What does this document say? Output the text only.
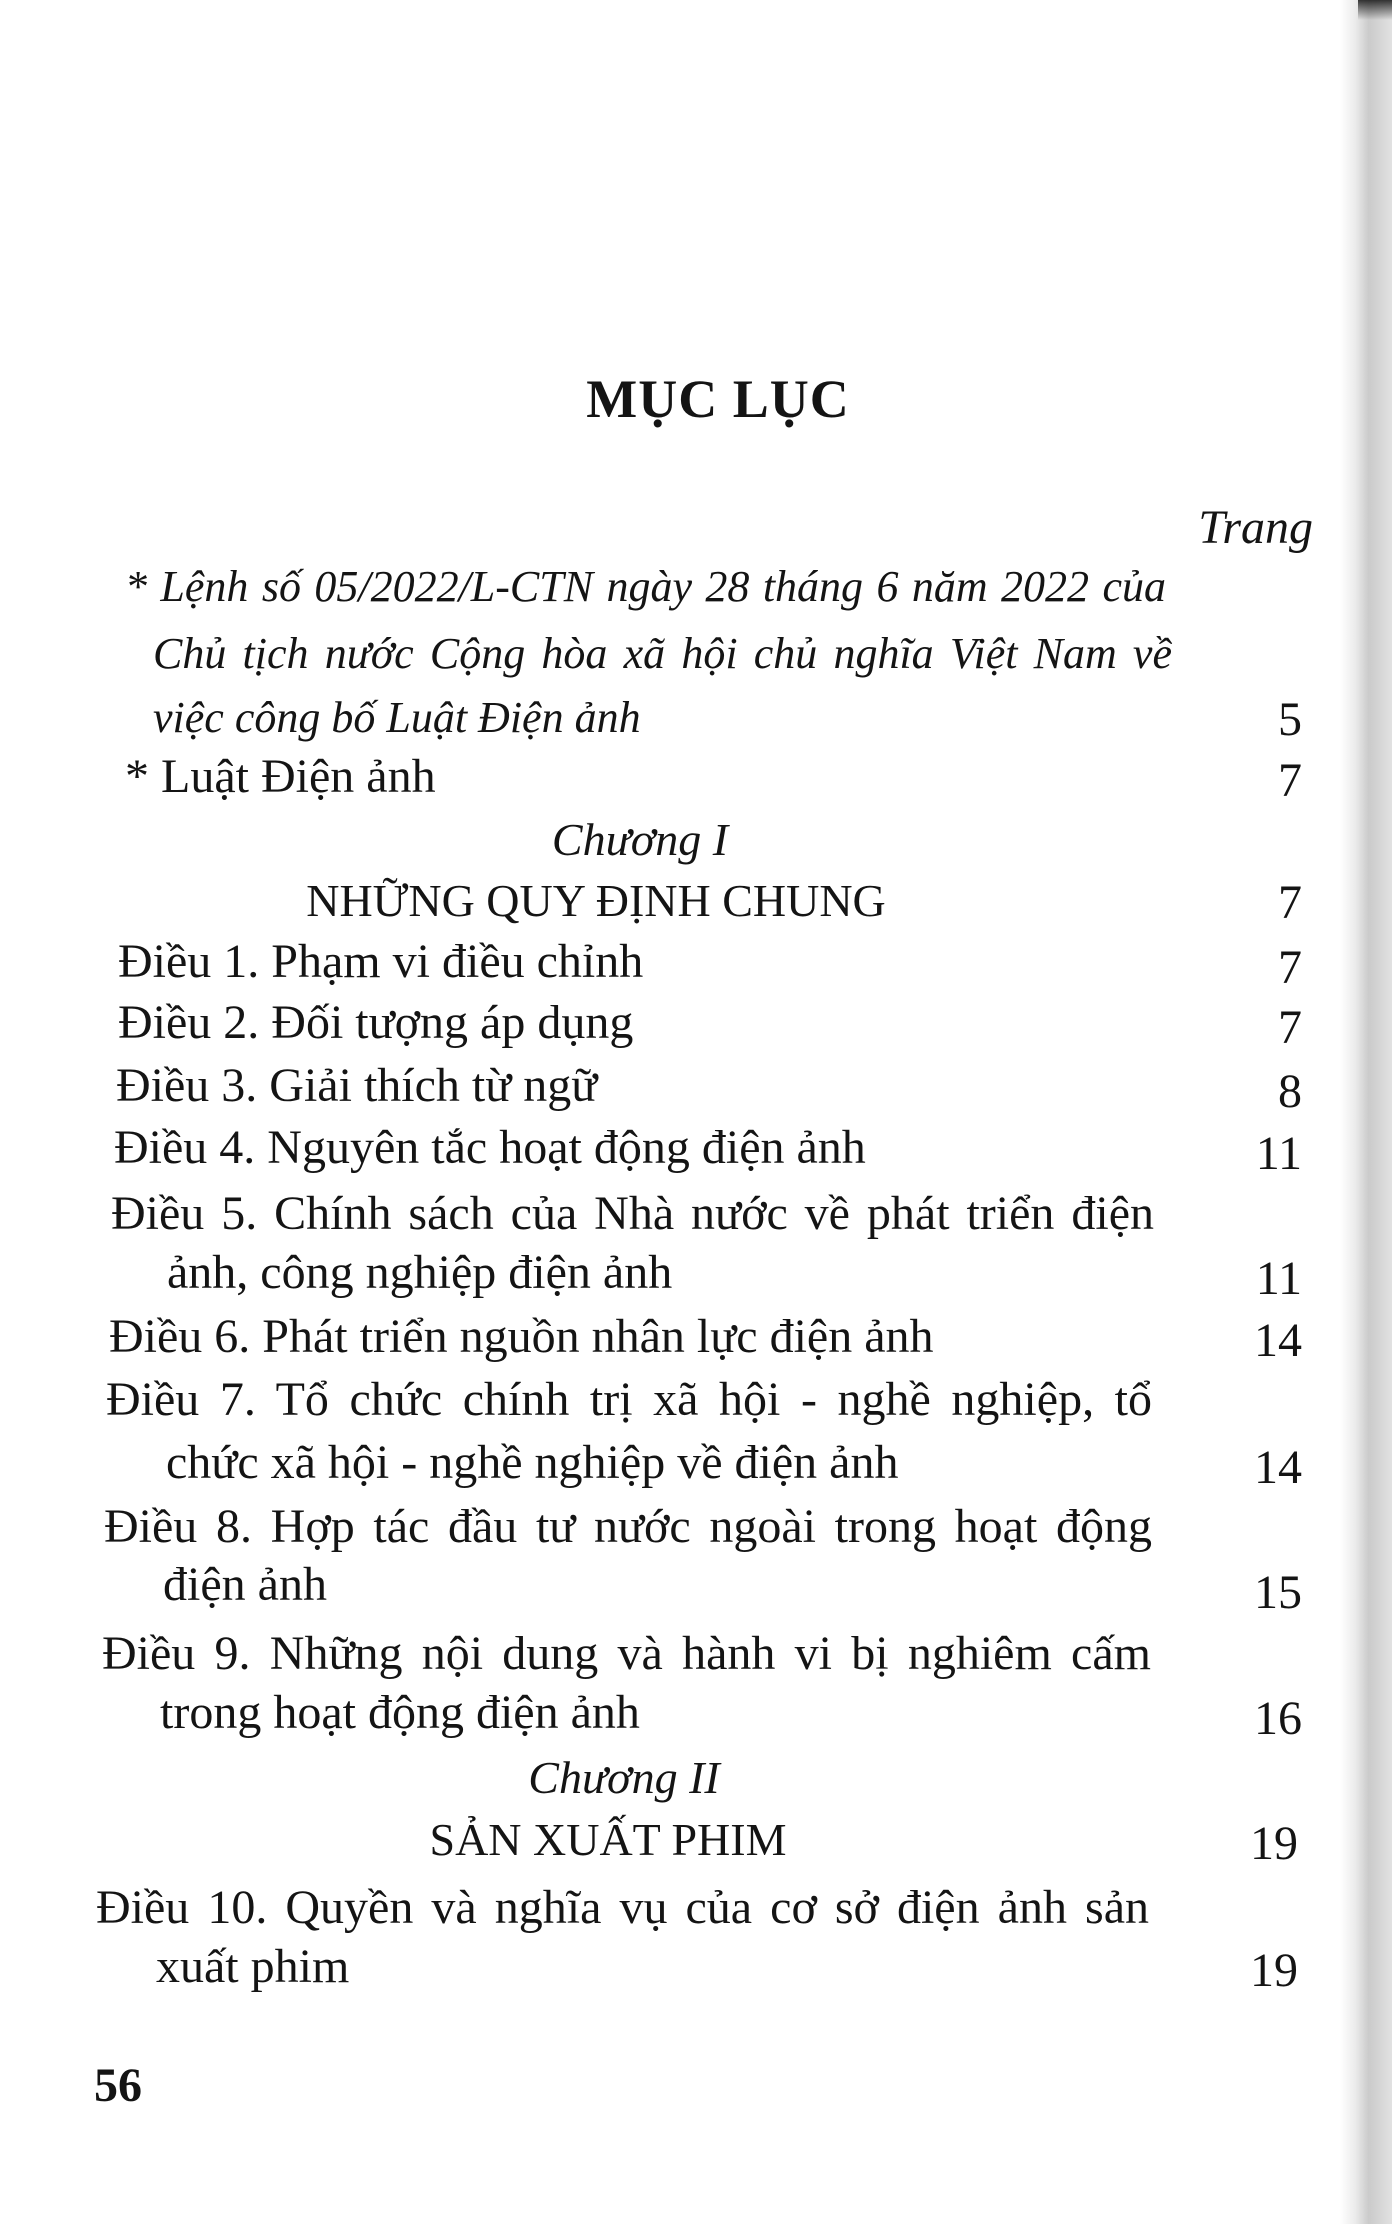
MỤC LỤC
Trang
* Lệnh số 05/2022/L-CTN ngày 28 tháng 6 năm 2022 của
Chủ tịch nước Cộng hòa xã hội chủ nghĩa Việt Nam về
việc công bố Luật Điện ảnh	5
* Luật Điện ảnh	7
Chương I
NHỮNG QUY ĐỊNH CHUNG	7
Điều 1. Phạm vi điều chỉnh	7
Điều 2. Đối tượng áp dụng	7
Điều 3. Giải thích từ ngữ	8
Điều 4. Nguyên tắc hoạt động điện ảnh	11
Điều 5. Chính sách của Nhà nước về phát triển điện
ảnh, công nghiệp điện ảnh	11
Điều 6. Phát triển nguồn nhân lực điện ảnh	14
Điều 7. Tổ chức chính trị xã hội - nghề nghiệp, tổ
chức xã hội - nghề nghiệp về điện ảnh	14
Điều 8. Hợp tác đầu tư nước ngoài trong hoạt động
điện ảnh	15
Điều 9. Những nội dung và hành vi bị nghiêm cấm
trong hoạt động điện ảnh	16
Chương II
SẢN XUẤT PHIM	19
Điều 10. Quyền và nghĩa vụ của cơ sở điện ảnh sản
xuất phim	19
56
